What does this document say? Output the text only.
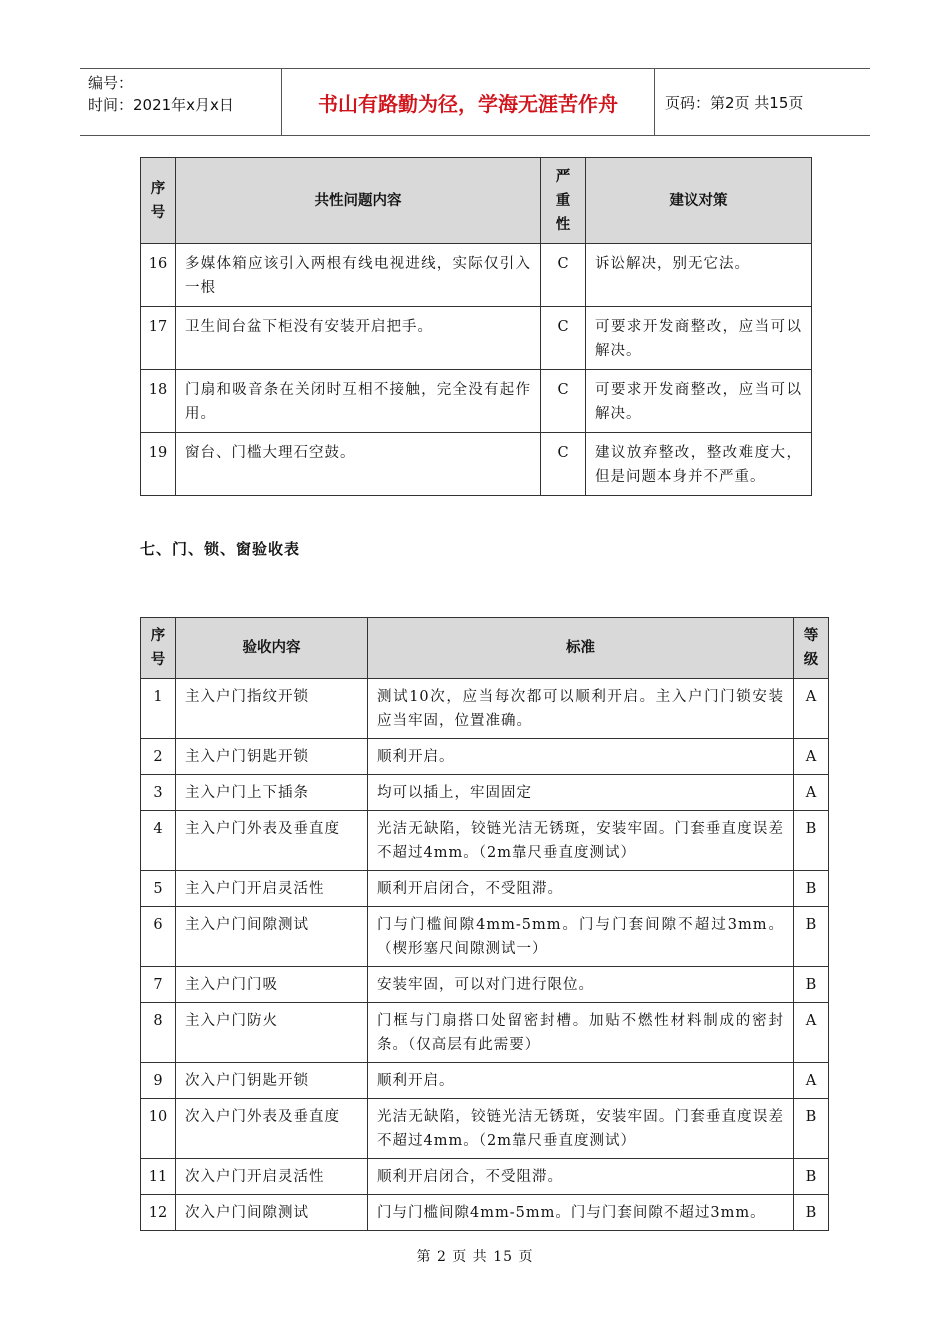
编号：
时间：2021年x月x日	书山有路勤为径，学海无涯苦作舟	页码：第2页 共15页
序号	共性问题内容	严重性	建议对策
16	多媒体箱应该引入两根有线电视进线，实际仅引入一根	C	诉讼解决，别无它法。
17	卫生间台盆下柜没有安装开启把手。	C	可要求开发商整改，应当可以解决。
18	门扇和吸音条在关闭时互相不接触，完全没有起作用。	C	可要求开发商整改，应当可以解决。
19	窗台、门槛大理石空鼓。	C	建议放弃整改，整改难度大，但是问题本身并不严重。
七、门、锁、窗验收表
序号	验收内容	标准	等级
1	主入户门指纹开锁	测试10次，应当每次都可以顺利开启。主入户门门锁安装应当牢固，位置准确。	A
2	主入户门钥匙开锁	顺利开启。	A
3	主入户门上下插条	均可以插上，牢固固定	A
4	主入户门外表及垂直度	光洁无缺陷，铰链光洁无锈斑，安装牢固。门套垂直度误差不超过4mm。（2m靠尺垂直度测试）	B
5	主入户门开启灵活性	顺利开启闭合，不受阻滞。	B
6	主入户门间隙测试	门与门槛间隙4mm-5mm。门与门套间隙不超过3mm。（楔形塞尺间隙测试一）	B
7	主入户门门吸	安装牢固，可以对门进行限位。	B
8	主入户门防火	门框与门扇搭口处留密封槽。加贴不燃性材料制成的密封条。（仅高层有此需要）	A
9	次入户门钥匙开锁	顺利开启。	A
10	次入户门外表及垂直度	光洁无缺陷，铰链光洁无锈斑，安装牢固。门套垂直度误差不超过4mm。（2m靠尺垂直度测试）	B
11	次入户门开启灵活性	顺利开启闭合，不受阻滞。	B
12	次入户门间隙测试	门与门槛间隙4mm-5mm。门与门套间隙不超过3mm。	B
第 2 页 共 15 页
